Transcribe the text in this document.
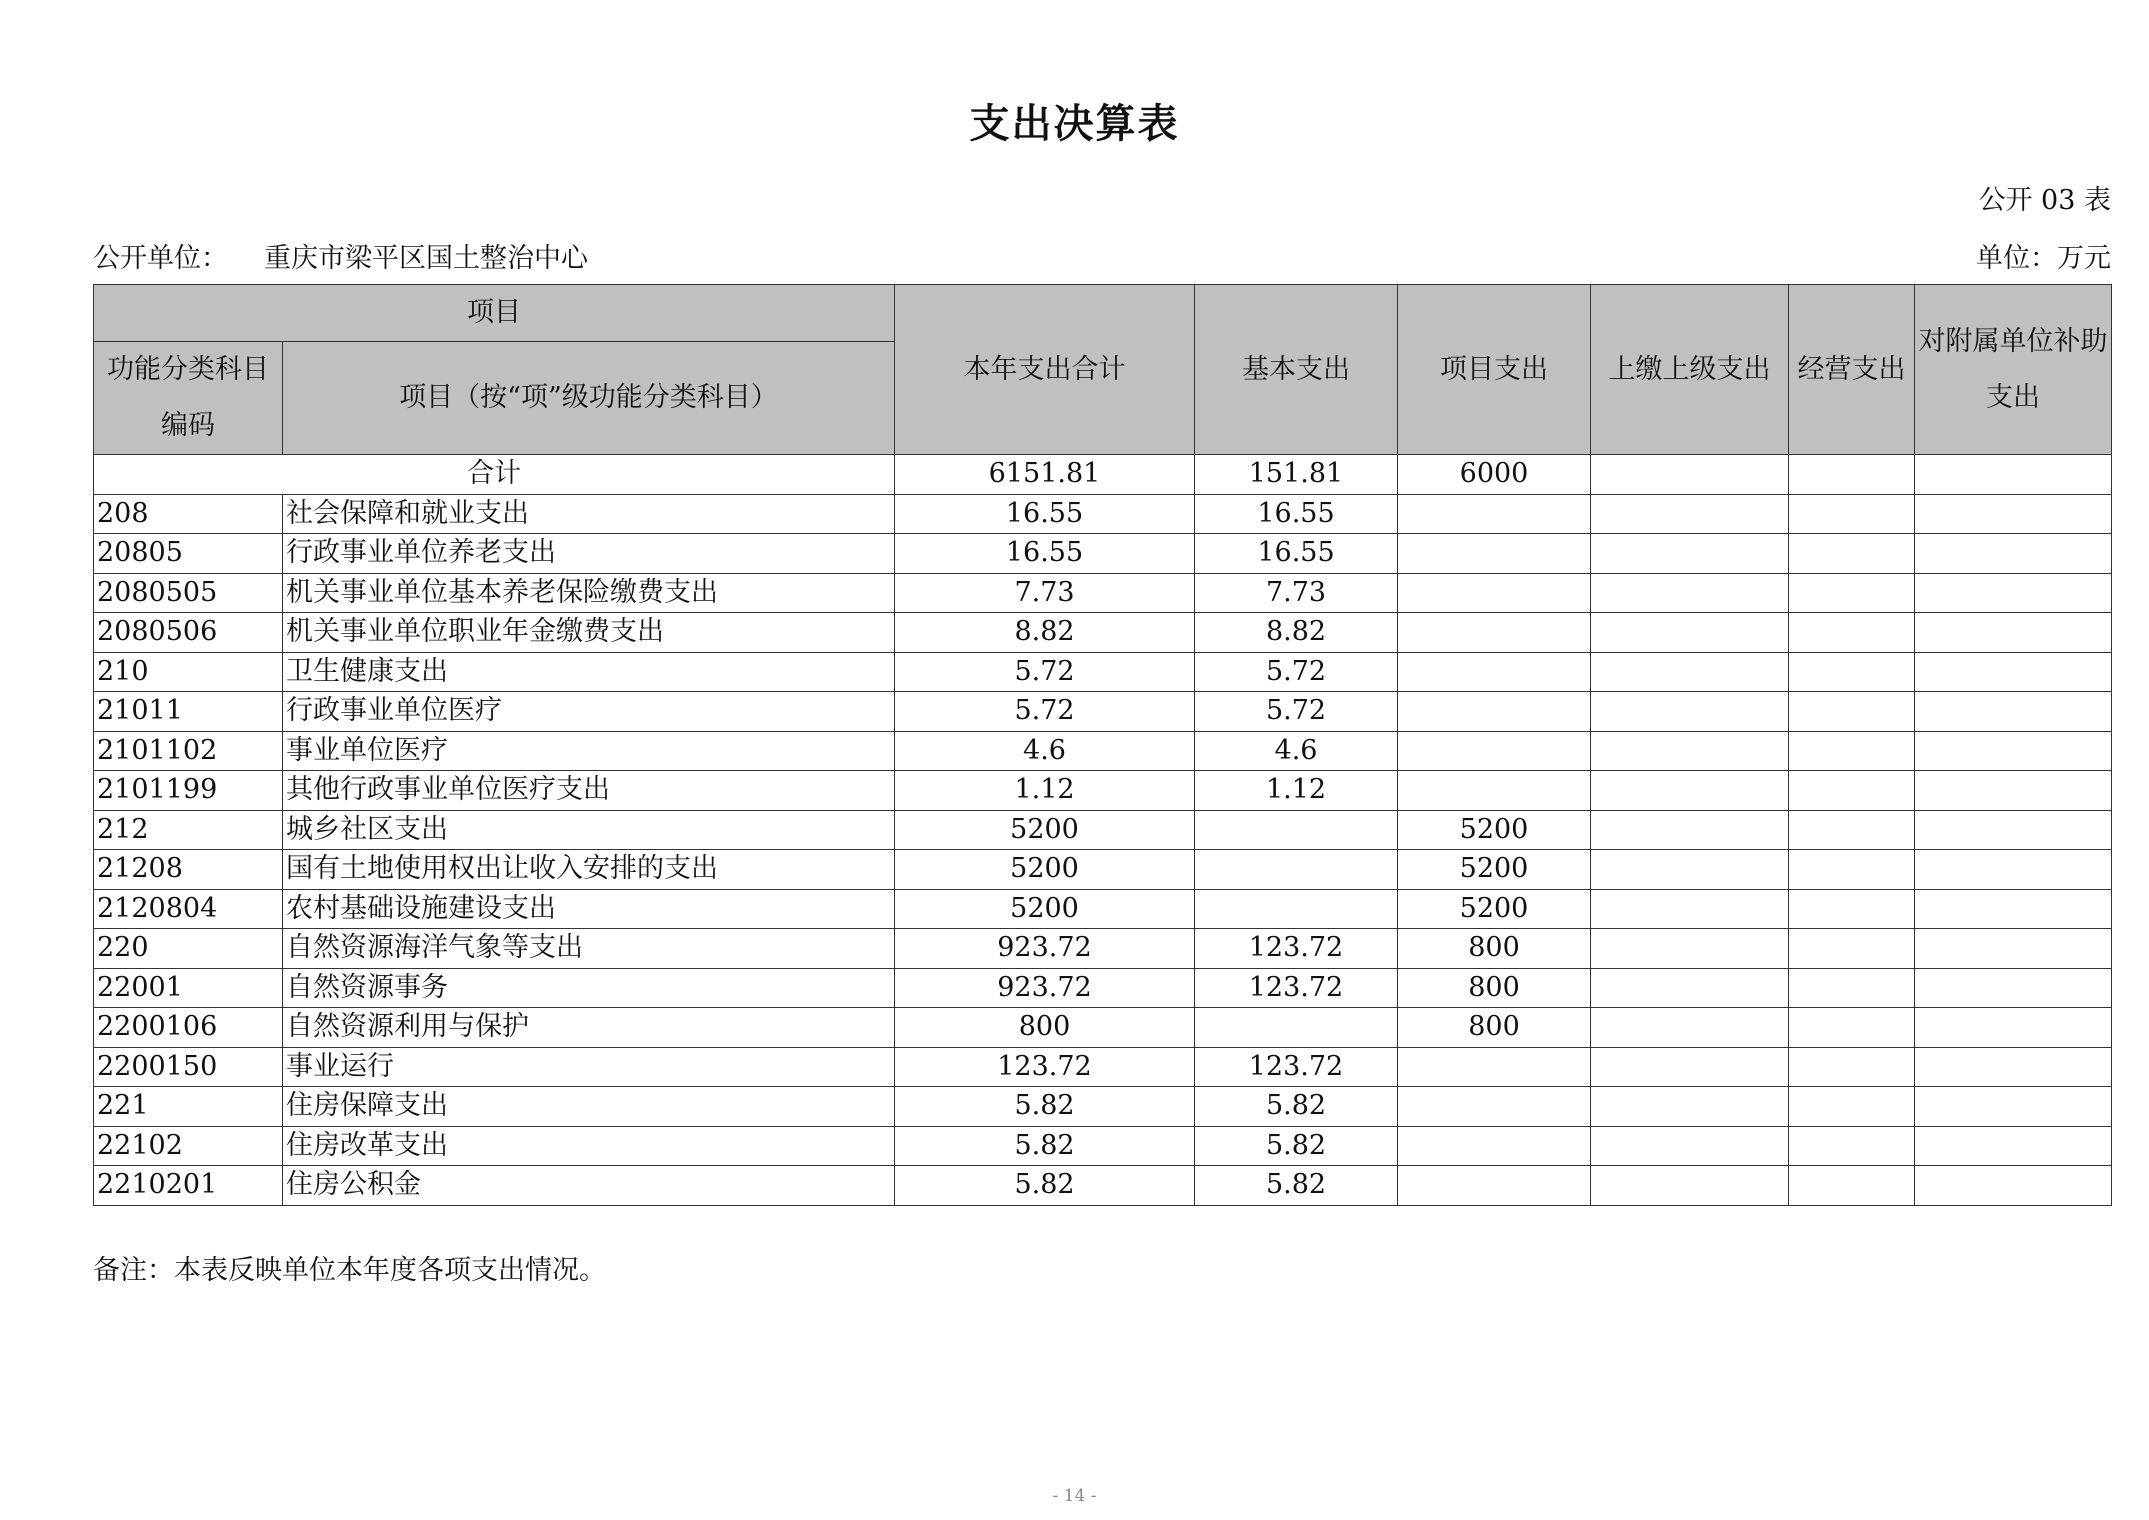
支出决算表
公开 03 表
公开单位： 重庆市梁平区国土整治中心	单位：万元
项目		本年支出合计	基本支出	项目支出	上缴上级支出	经营支出	对附属单位补助支出
功能分类科目编码	项目（按“项”级功能分类科目）						
合计		6151.81	151.81	6000			
208	社会保障和就业支出	16.55	16.55				
20805	行政事业单位养老支出	16.55	16.55				
2080505	机关事业单位基本养老保险缴费支出	7.73	7.73				
2080506	机关事业单位职业年金缴费支出	8.82	8.82				
210	卫生健康支出	5.72	5.72				
21011	行政事业单位医疗	5.72	5.72				
2101102	事业单位医疗	4.6	4.6				
2101199	其他行政事业单位医疗支出	1.12	1.12				
212	城乡社区支出	5200		5200			
21208	国有土地使用权出让收入安排的支出	5200		5200			
2120804	农村基础设施建设支出	5200		5200			
220	自然资源海洋气象等支出	923.72	123.72	800			
22001	自然资源事务	923.72	123.72	800			
2200106	自然资源利用与保护	800		800			
2200150	事业运行	123.72	123.72				
221	住房保障支出	5.82	5.82				
22102	住房改革支出	5.82	5.82				
2210201	住房公积金	5.82	5.82				
备注：本表反映单位本年度各项支出情况。
- 14 -
